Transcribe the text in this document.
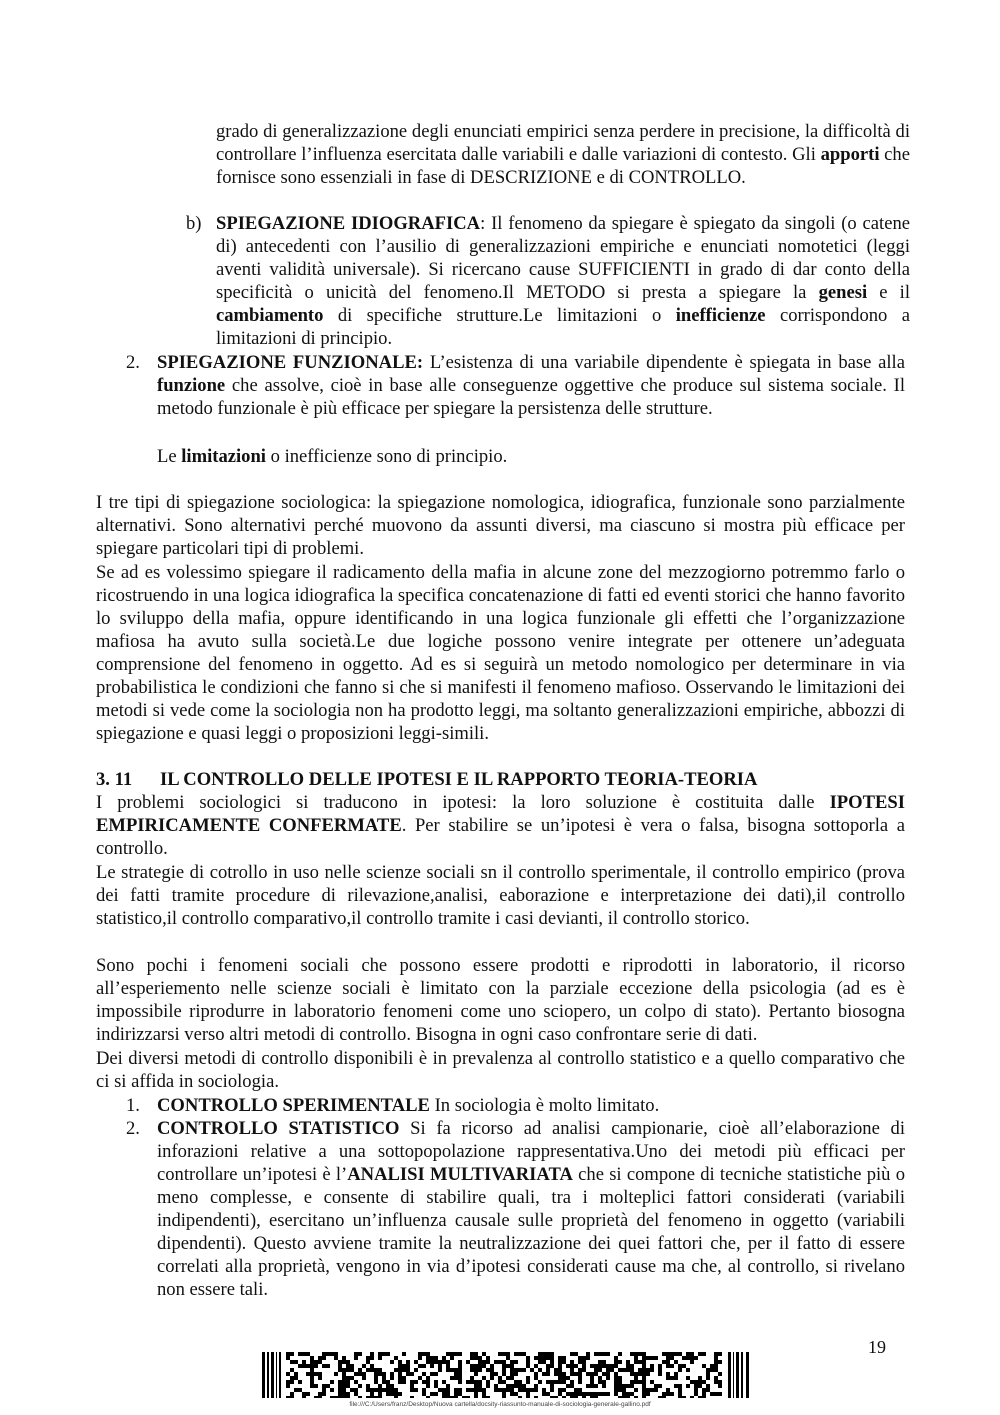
grado di generalizzazione degli enunciati empirici senza perdere in precisione, la difficoltà di controllare l’influenza esercitata dalle variabili e dalle variazioni di contesto. Gli apporti che fornisce sono essenziali in fase di DESCRIZIONE e di CONTROLLO.

b) SPIEGAZIONE IDIOGRAFICA: Il fenomeno da spiegare è spiegato da singoli (o catene di) antecedenti con l’ausilio di generalizzazioni empiriche e enunciati nomotetici (leggi aventi validità universale). Si ricercano cause SUFFICIENTI in grado di dar conto della specificità o unicità del fenomeno.Il METODO si presta a spiegare la genesi e il cambiamento di specifiche strutture.Le limitazioni o inefficienze corrispondono a limitazioni di principio.

2. SPIEGAZIONE FUNZIONALE: L’esistenza di una variabile dipendente è spiegata in base alla funzione che assolve, cioè in base alle conseguenze oggettive che produce sul sistema sociale. Il metodo funzionale è più efficace per spiegare la persistenza delle strutture.

Le limitazioni o inefficienze sono di principio.

I tre tipi di spiegazione sociologica: la spiegazione nomologica, idiografica, funzionale sono parzialmente alternativi. Sono alternativi perché muovono da assunti diversi, ma ciascuno si mostra più efficace per spiegare particolari tipi di problemi.

Se ad es volessimo spiegare il radicamento della mafia in alcune zone del mezzogiorno potremmo farlo o ricostruendo in una logica idiografica la specifica concatenazione di fatti ed eventi storici che hanno favorito lo sviluppo della mafia, oppure identificando in una logica funzionale gli effetti che l’organizzazione mafiosa ha avuto sulla società.Le due logiche possono venire integrate per ottenere un’adeguata comprensione del fenomeno in oggetto. Ad es si seguirà un metodo nomologico per determinare in via probabilistica le condizioni che fanno si che si manifesti il fenomeno mafioso. Osservando le limitazioni dei metodi si vede come la sociologia non ha prodotto leggi, ma soltanto generalizzazioni empiriche, abbozzi di spiegazione e quasi leggi o proposizioni leggi-simili.

3. 11 IL CONTROLLO DELLE IPOTESI E IL RAPPORTO TEORIA-TEORIA

I problemi sociologici si traducono in ipotesi: la loro soluzione è costituita dalle IPOTESI EMPIRICAMENTE CONFERMATE. Per stabilire se un’ipotesi è vera o falsa, bisogna sottoporla a controllo.

Le strategie di cotrollo in uso nelle scienze sociali sn il controllo sperimentale, il controllo empirico (prova dei fatti tramite procedure di rilevazione,analisi, eaborazione e interpretazione dei dati),il controllo statistico,il controllo comparativo,il controllo tramite i casi devianti, il controllo storico.

Sono pochi i fenomeni sociali che possono essere prodotti e riprodotti in laboratorio, il ricorso all’esperiemento nelle scienze sociali è limitato con la parziale eccezione della psicologia (ad es è impossibile riprodurre in laboratorio fenomeni come uno sciopero, un colpo di stato). Pertanto biosogna indirizzarsi verso altri metodi di controllo. Bisogna in ogni caso confrontare serie di dati.

Dei diversi metodi di controllo disponibili è in prevalenza al controllo statistico e a quello comparativo che ci si affida in sociologia.

1. CONTROLLO SPERIMENTALE In sociologia è molto limitato.

2. CONTROLLO STATISTICO Si fa ricorso ad analisi campionarie, cioè all’elaborazione di inforazioni relative a una sottopopolazione rappresentativa.Uno dei metodi più efficaci per controllare un’ipotesi è l’ANALISI MULTIVARIATA che si compone di tecniche statistiche più o meno complesse, e consente di stabilire quali, tra i molteplici fattori considerati (variabili indipendenti), esercitano un’influenza causale sulle proprietà del fenomeno in oggetto (variabili dipendenti). Questo avviene tramite la neutralizzazione dei quei fattori che, per il fatto di essere correlati alla proprietà, vengono in via d’ipotesi considerati cause ma che, al controllo, si rivelano non essere tali.

19
file:///C:/Users/franz/Desktop/Nuova cartella/docsity-riassunto-manuale-di-sociologia-generale-gallino.pdf
